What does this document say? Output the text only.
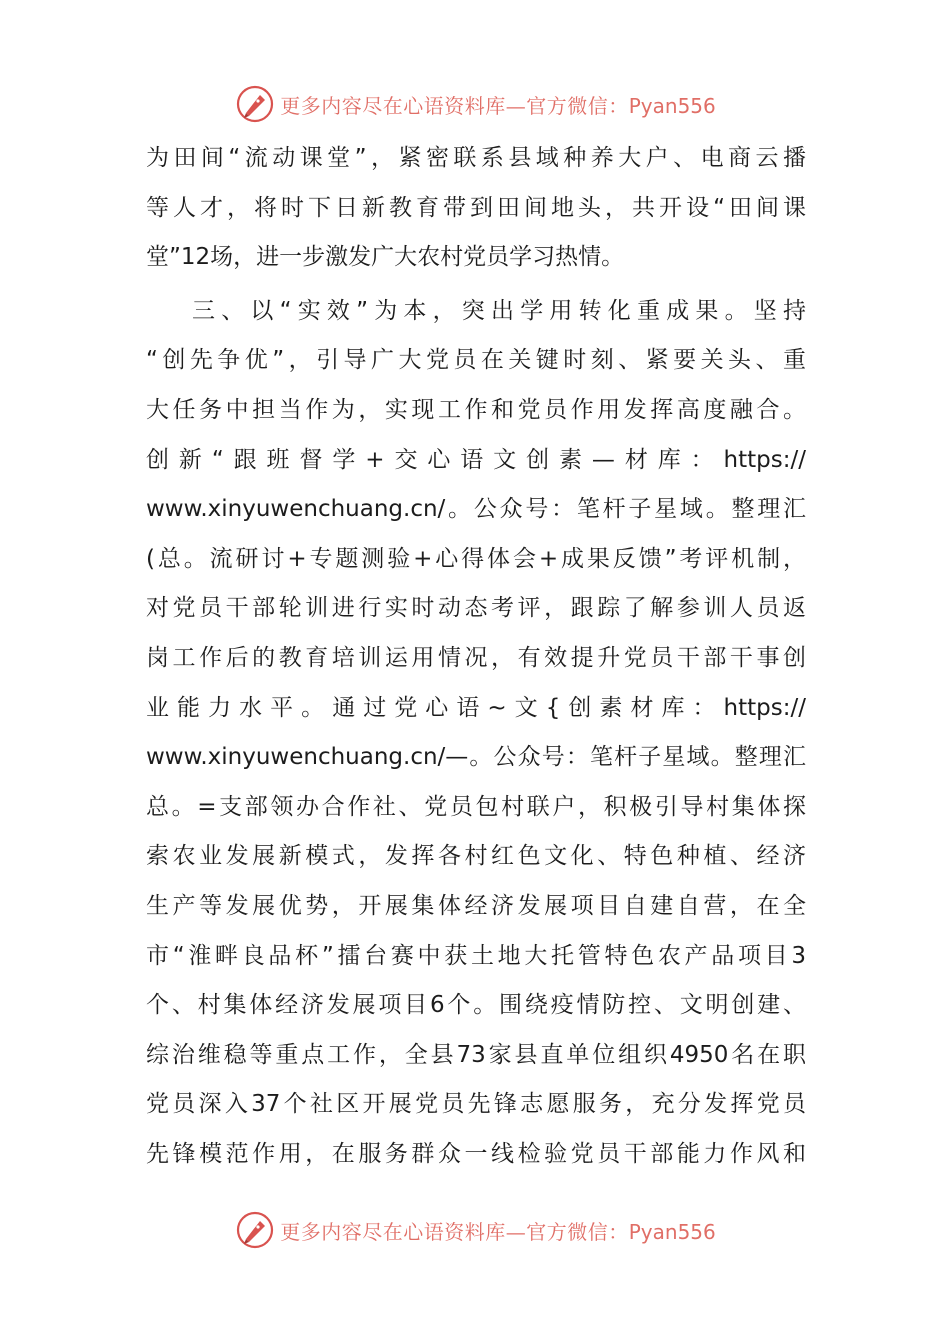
更多内容尽在心语资料库—官方微信：Pyan556
为田间“流动课堂”，紧密联系县域种养大户、电商云播
等人才，将时下日新教育带到田间地头，共开设“田间课
堂”12场，进一步激发广大农村党员学习热情。
三、以“实效”为本，突出学用转化重成果。坚持
“创先争优”，引导广大党员在关键时刻、紧要关头、重
大任务中担当作为，实现工作和党员作用发挥高度融合。
创新“跟班督学+交心语文创素—材库：https://
www.xinyuwenchuang.cn/。公众号：笔杆子星域。整理汇
(总。流研讨+专题测验+心得体会+成果反馈”考评机制，
对党员干部轮训进行实时动态考评，跟踪了解参训人员返
岗工作后的教育培训运用情况，有效提升党员干部干事创
业能力水平。通过党心语~文{创素材库：https://
www.xinyuwenchuang.cn/—。公众号：笔杆子星域。整理汇
总。=支部领办合作社、党员包村联户，积极引导村集体探
索农业发展新模式，发挥各村红色文化、特色种植、经济
生产等发展优势，开展集体经济发展项目自建自营，在全
市“淮畔良品杯”擂台赛中获土地大托管特色农产品项目3
个、村集体经济发展项目6个。围绕疫情防控、文明创建、
综治维稳等重点工作，全县73家县直单位组织4950名在职
党员深入37个社区开展党员先锋志愿服务，充分发挥党员
先锋模范作用，在服务群众一线检验党员干部能力作风和
更多内容尽在心语资料库—官方微信：Pyan556
